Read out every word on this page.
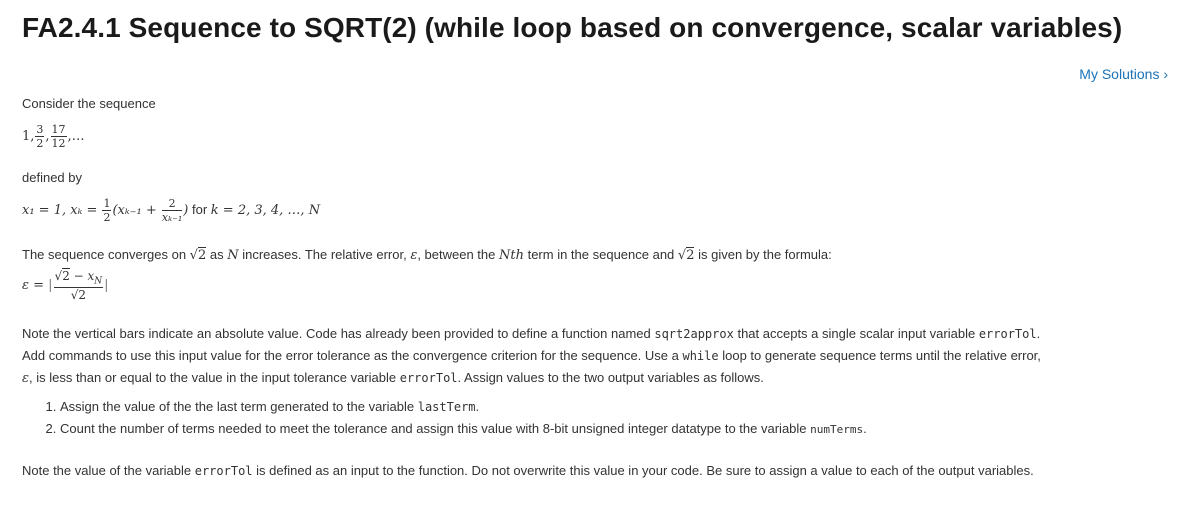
FA2.4.1 Sequence to SQRT(2) (while loop based on convergence, scalar variables)
My Solutions ›

Consider the sequence

1, $\frac{3}{2}$ , $\frac{17}{12}$ ,…

defined by

x₁ = 1, $x_k = \frac{1}{2} (x_{k-1} + \frac{2}{\text{xₖ₋₁}}$ ) for k = 2, 3, 4, …, N

The sequence converges on √2 as N increases. The relative error, ε, between the Nth term in the sequence and √2 is given by the formula:

ε = | $\frac{√2 - x_N}{√2}$ |

Note the vertical bars indicate an absolute value. Code has already been provided to define a function named sqrt2approx that accepts a single scalar input variable errorTol.
Add commands to use this input value for the error tolerance as the convergence criterion for the sequence. Use a while loop to generate sequence terms until the relative error,
ε, is less than or equal to the value in the input tolerance variable errorTol. Assign values to the two output variables as follows.

1. Assign the value of the the last term generated to the variable lastTerm.
2. Count the number of terms needed to meet the tolerance and assign this value with 8-bit unsigned integer datatype to the variable numTerms.

Note the value of the variable errorTol is defined as an input to the function. Do not overwrite this value in your code. Be sure to assign a value to each of the output variables.
